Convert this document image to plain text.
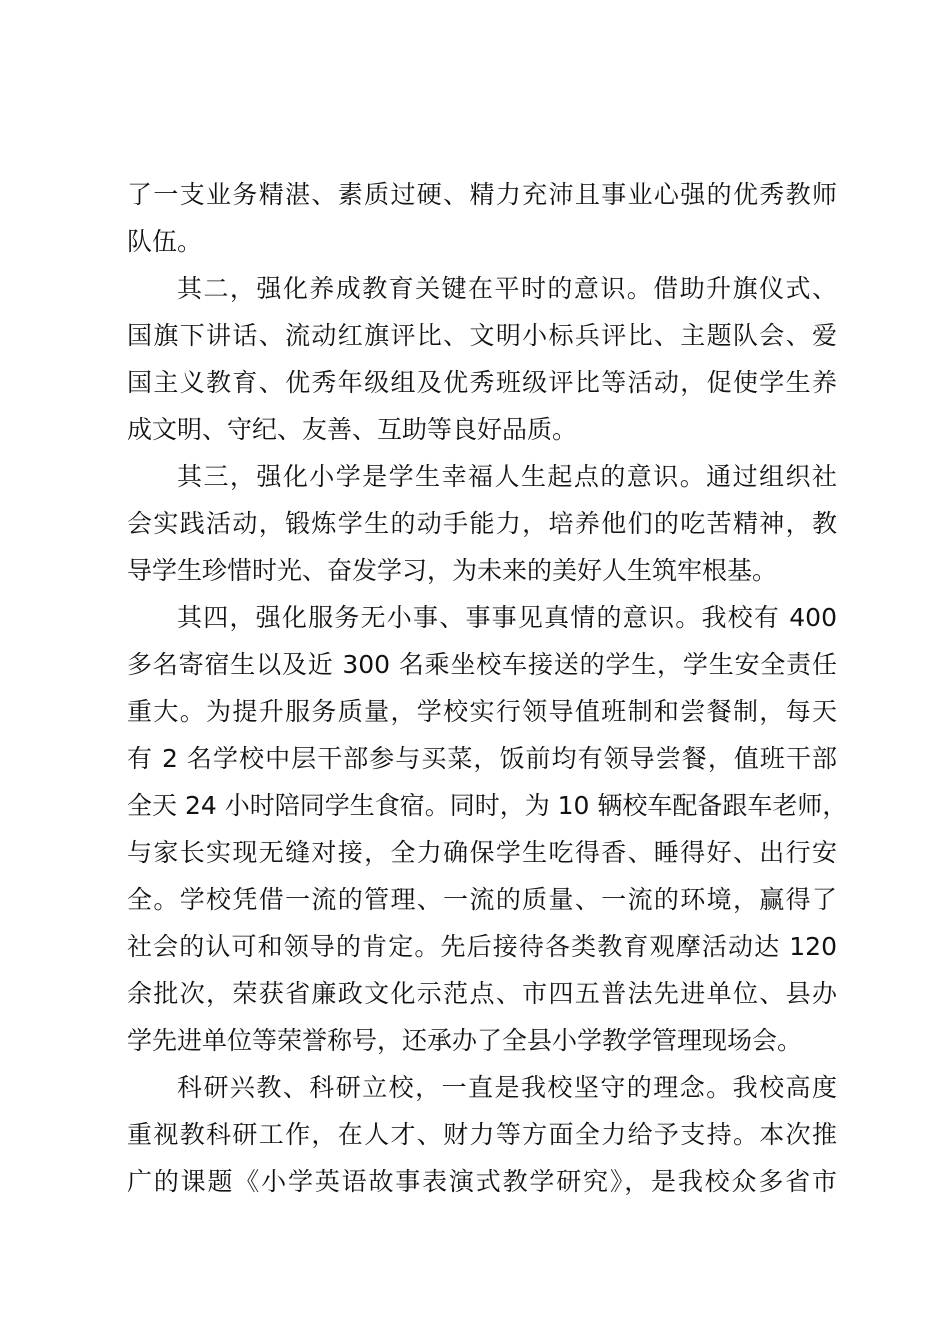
了一支业务精湛、素质过硬、精力充沛且事业心强的优秀教师
队伍。
其二，强化养成教育关键在平时的意识。借助升旗仪式、
国旗下讲话、流动红旗评比、文明小标兵评比、主题队会、爱
国主义教育、优秀年级组及优秀班级评比等活动，促使学生养
成文明、守纪、友善、互助等良好品质。
其三，强化小学是学生幸福人生起点的意识。通过组织社
会实践活动，锻炼学生的动手能力，培养他们的吃苦精神，教
导学生珍惜时光、奋发学习，为未来的美好人生筑牢根基。
其四，强化服务无小事、事事见真情的意识。我校有 400
多名寄宿生以及近 300 名乘坐校车接送的学生，学生安全责任
重大。为提升服务质量，学校实行领导值班制和尝餐制，每天
有 2 名学校中层干部参与买菜，饭前均有领导尝餐，值班干部
全天 24 小时陪同学生食宿。同时，为 10 辆校车配备跟车老师，
与家长实现无缝对接，全力确保学生吃得香、睡得好、出行安
全。学校凭借一流的管理、一流的质量、一流的环境，赢得了
社会的认可和领导的肯定。先后接待各类教育观摩活动达 120
余批次，荣获省廉政文化示范点、市四五普法先进单位、县办
学先进单位等荣誉称号，还承办了全县小学教学管理现场会。
科研兴教、科研立校，一直是我校坚守的理念。我校高度
重视教科研工作，在人才、财力等方面全力给予支持。本次推
广的课题《小学英语故事表演式教学研究》，是我校众多省市
